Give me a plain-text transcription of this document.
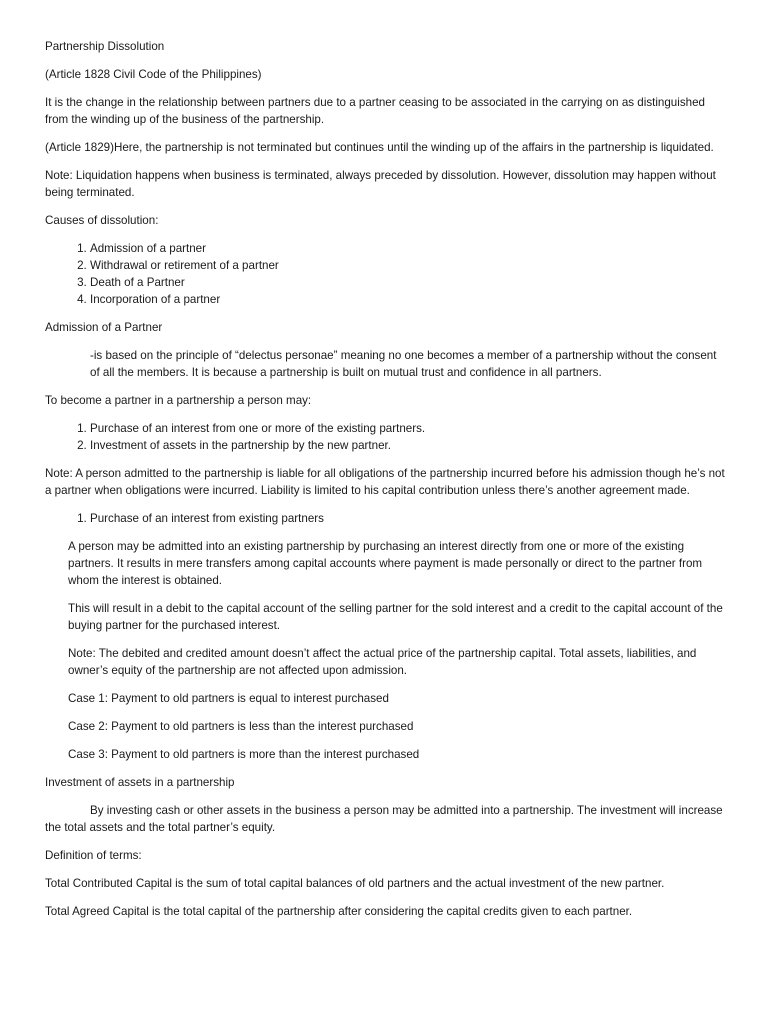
Partnership Dissolution

(Article 1828 Civil Code of the Philippines)

It is the change in the relationship between partners due to a partner ceasing to be associated in the carrying on as distinguished from the winding up of the business of the partnership.

(Article 1829)Here, the partnership is not terminated but continues until the winding up of the affairs in the partnership is liquidated.

Note: Liquidation happens when business is terminated, always preceded by dissolution. However, dissolution may happen without being terminated.

Causes of dissolution:

1. Admission of a partner
2. Withdrawal or retirement of a partner
3. Death of a Partner
4. Incorporation of a partner

Admission of a Partner

-is based on the principle of “delectus personae” meaning no one becomes a member of a partnership without the consent of all the members. It is because a partnership is built on mutual trust and confidence in all partners.

To become a partner in a partnership a person may:

1. Purchase of an interest from one or more of the existing partners.
2. Investment of assets in the partnership by the new partner.

Note: A person admitted to the partnership is liable for all obligations of the partnership incurred before his admission though he’s not a partner when obligations were incurred. Liability is limited to his capital contribution unless there’s another agreement made.

1. Purchase of an interest from existing partners

A person may be admitted into an existing partnership by purchasing an interest directly from one or more of the existing partners. It results in mere transfers among capital accounts where payment is made personally or direct to the partner from whom the interest is obtained.

This will result in a debit to the capital account of the selling partner for the sold interest and a credit to the capital account of the buying partner for the purchased interest.

Note: The debited and credited amount doesn’t affect the actual price of the partnership capital. Total assets, liabilities, and owner’s equity of the partnership are not affected upon admission.

Case 1: Payment to old partners is equal to interest purchased

Case 2: Payment to old partners is less than the interest purchased

Case 3: Payment to old partners is more than the interest purchased

Investment of assets in a partnership

By investing cash or other assets in the business a person may be admitted into a partnership. The investment will increase the total assets and the total partner’s equity.

Definition of terms:

Total Contributed Capital is the sum of total capital balances of old partners and the actual investment of the new partner.

Total Agreed Capital is the total capital of the partnership after considering the capital credits given to each partner.
